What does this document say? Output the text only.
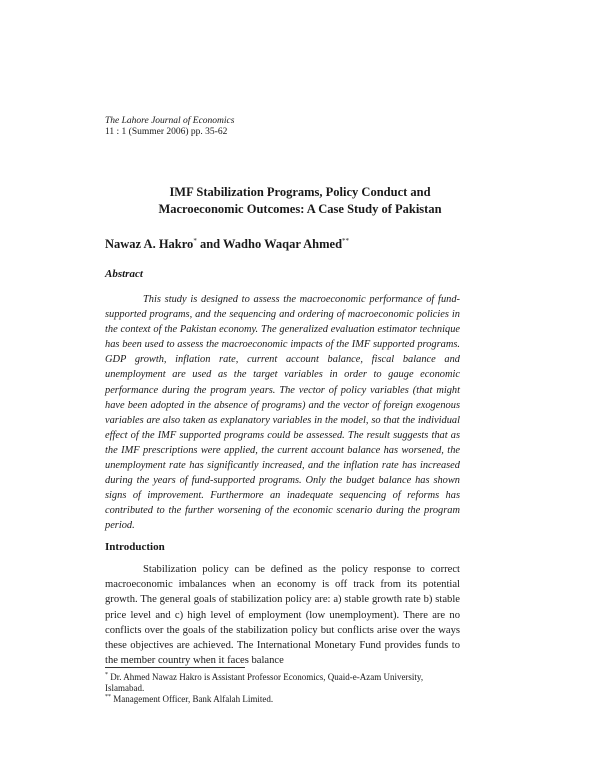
The Lahore Journal of Economics
11 : 1 (Summer 2006) pp. 35-62
IMF Stabilization Programs, Policy Conduct and
Macroeconomic Outcomes: A Case Study of Pakistan
Nawaz A. Hakro* and Wadho Waqar Ahmed**
Abstract

This study is designed to assess the macroeconomic performance of fund-supported programs, and the sequencing and ordering of macroeconomic policies in the context of the Pakistan economy. The generalized evaluation estimator technique has been used to assess the macroeconomic impacts of the IMF supported programs. GDP growth, inflation rate, current account balance, fiscal balance and unemployment are used as the target variables in order to gauge economic performance during the program years. The vector of policy variables (that might have been adopted in the absence of programs) and the vector of foreign exogenous variables are also taken as explanatory variables in the model, so that the individual effect of the IMF supported programs could be assessed. The result suggests that as the IMF prescriptions were applied, the current account balance has worsened, the unemployment rate has significantly increased, and the inflation rate has increased during the years of fund-supported programs. Only the budget balance has shown signs of improvement. Furthermore an inadequate sequencing of reforms has contributed to the further worsening of the economic scenario during the program period.

Introduction

Stabilization policy can be defined as the policy response to correct macroeconomic imbalances when an economy is off track from its potential growth. The general goals of stabilization policy are: a) stable growth rate b) stable price level and c) high level of employment (low unemployment). There are no conflicts over the goals of the stabilization policy but conflicts arise over the ways these objectives are achieved. The International Monetary Fund provides funds to the member country when it faces balance

* Dr. Ahmed Nawaz Hakro is Assistant Professor Economics, Quaid-e-Azam University, Islamabad.
** Management Officer, Bank Alfalah Limited.
